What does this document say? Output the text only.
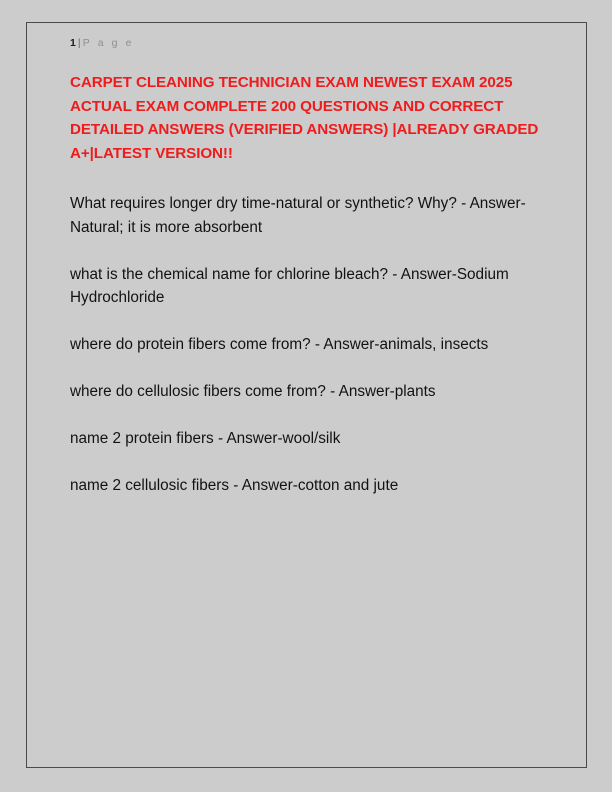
1 | P a g e
CARPET CLEANING TECHNICIAN EXAM NEWEST EXAM 2025 ACTUAL EXAM COMPLETE 200 QUESTIONS AND CORRECT DETAILED ANSWERS (VERIFIED ANSWERS) |ALREADY GRADED A+|LATEST VERSION!!

What requires longer dry time-natural or synthetic? Why? - Answer-Natural; it is more absorbent

what is the chemical name for chlorine bleach? - Answer-Sodium Hydrochloride

where do protein fibers come from? - Answer-animals, insects

where do cellulosic fibers come from? - Answer-plants

name 2 protein fibers - Answer-wool/silk

name 2 cellulosic fibers - Answer-cotton and jute
